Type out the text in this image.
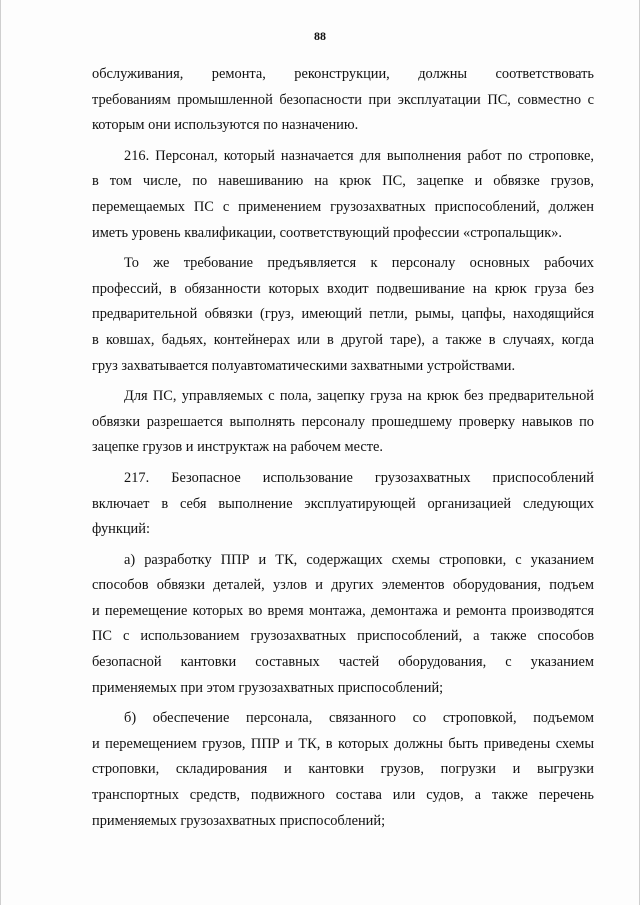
88
обслуживания, ремонта, реконструкции, должны соответствовать
требованиям промышленной безопасности при эксплуатации ПС, совместно с
которым они используются по назначению.
216. Персонал, который назначается для выполнения работ по строповке,
в том числе, по навешиванию на крюк ПС, зацепке и обвязке грузов,
перемещаемых ПС с применением грузозахватных приспособлений, должен
иметь уровень квалификации, соответствующий профессии «стропальщик».
То же требование предъявляется к персоналу основных рабочих
профессий, в обязанности которых входит подвешивание на крюк груза без
предварительной обвязки (груз, имеющий петли, рымы, цапфы, находящийся
в ковшах, бадьях, контейнерах или в другой таре), а также в случаях, когда
груз захватывается полуавтоматическими захватными устройствами.
Для ПС, управляемых с пола, зацепку груза на крюк без предварительной
обвязки разрешается выполнять персоналу прошедшему проверку навыков по
зацепке грузов и инструктаж на рабочем месте.
217. Безопасное использование грузозахватных приспособлений
включает в себя выполнение эксплуатирующей организацией следующих
функций:
а) разработку ППР и ТК, содержащих схемы строповки, с указанием
способов обвязки деталей, узлов и других элементов оборудования, подъем
и перемещение которых во время монтажа, демонтажа и ремонта производятся
ПС с использованием грузозахватных приспособлений, а также способов
безопасной кантовки составных частей оборудования, с указанием
применяемых при этом грузозахватных приспособлений;
б) обеспечение персонала, связанного со строповкой, подъемом
и перемещением грузов, ППР и ТК, в которых должны быть приведены схемы
строповки, складирования и кантовки грузов, погрузки и выгрузки
транспортных средств, подвижного состава или судов, а также перечень
применяемых грузозахватных приспособлений;
